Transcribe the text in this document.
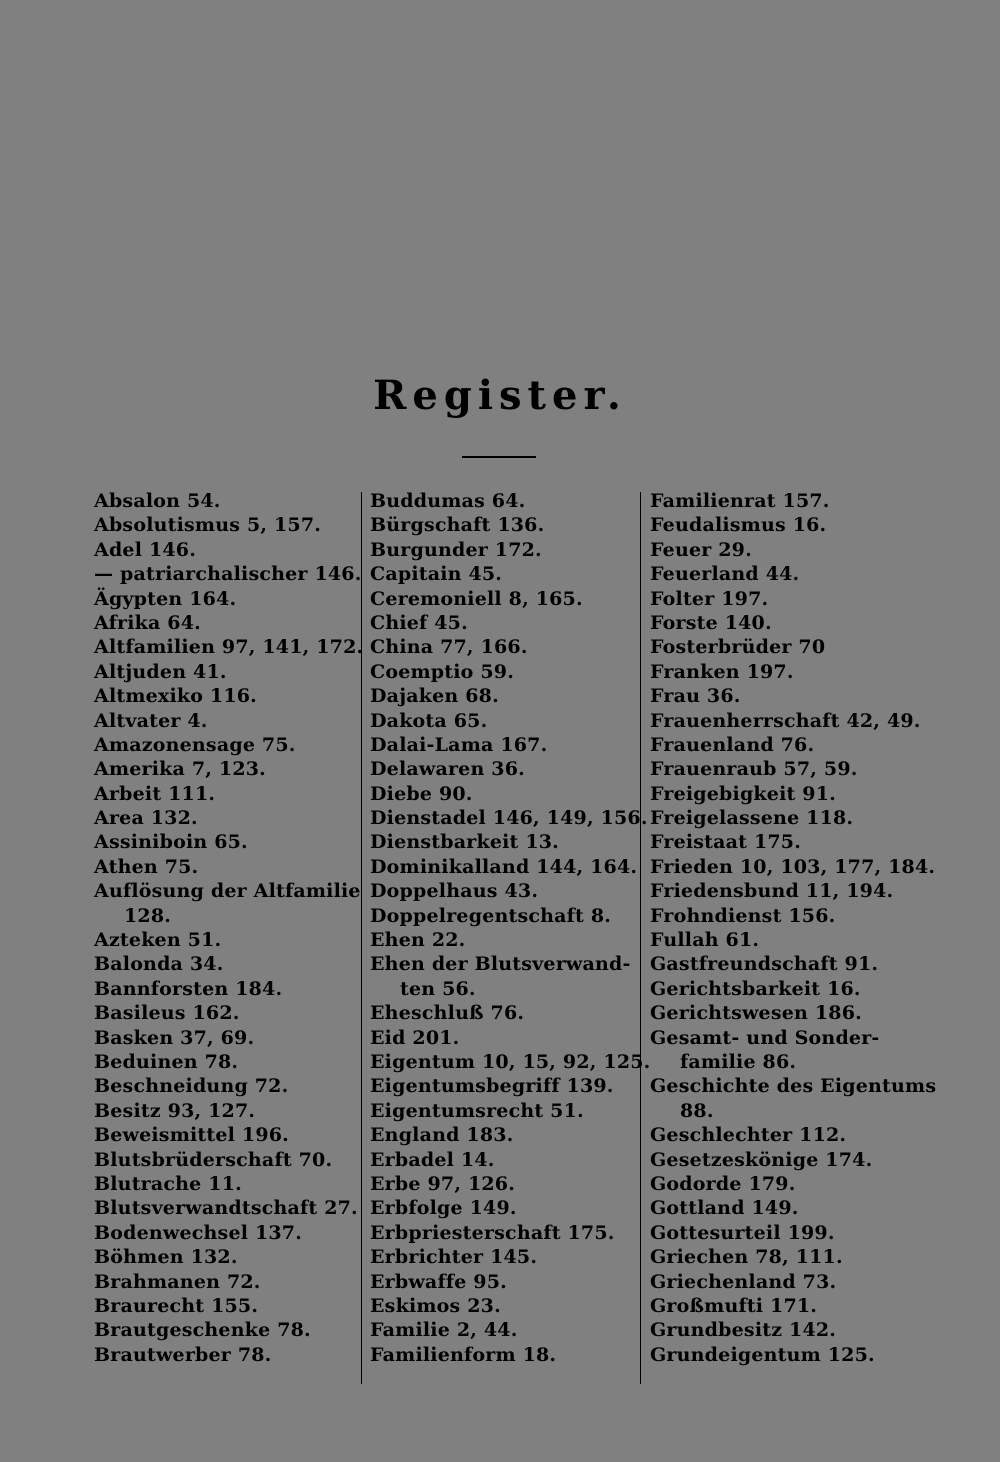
Register.
Absalon 54.
Absolutismus 5, 157.
Adel 146.
— patriarchalischer 146.
Ägypten 164.
Afrika 64.
Altfamilien 97, 141, 172.
Altjuden 41.
Altmexiko 116.
Altvater 4.
Amazonensage 75.
Amerika 7, 123.
Arbeit 111.
Area 132.
Assiniboin 65.
Athen 75.
Auflösung der Altfamilie
128.
Azteken 51.
Balonda 34.
Bannforsten 184.
Basileus 162.
Basken 37, 69.
Beduinen 78.
Beschneidung 72.
Besitz 93, 127.
Beweismittel 196.
Blutsbrüderschaft 70.
Blutrache 11.
Blutsverwandtschaft 27.
Bodenwechsel 137.
Böhmen 132.
Brahmanen 72.
Braurecht 155.
Brautgeschenke 78.
Brautwerber 78.
Buddumas 64.
Bürgschaft 136.
Burgunder 172.
Capitain 45.
Ceremoniell 8, 165.
Chief 45.
China 77, 166.
Coemptio 59.
Dajaken 68.
Dakota 65.
Dalai-Lama 167.
Delawaren 36.
Diebe 90.
Dienstadel 146, 149, 156.
Dienstbarkeit 13.
Dominikalland 144, 164.
Doppelhaus 43.
Doppelregentschaft 8.
Ehen 22.
Ehen der Blutsverwand-
ten 56.
Eheschluß 76.
Eid 201.
Eigentum 10, 15, 92, 125.
Eigentumsbegriff 139.
Eigentumsrecht 51.
England 183.
Erbadel 14.
Erbe 97, 126.
Erbfolge 149.
Erbpriesterschaft 175.
Erbrichter 145.
Erbwaffe 95.
Eskimos 23.
Familie 2, 44.
Familienform 18.
Familienrat 157.
Feudalismus 16.
Feuer 29.
Feuerland 44.
Folter 197.
Forste 140.
Fosterbrüder 70
Franken 197.
Frau 36.
Frauenherrschaft 42, 49.
Frauenland 76.
Frauenraub 57, 59.
Freigebigkeit 91.
Freigelassene 118.
Freistaat 175.
Frieden 10, 103, 177, 184.
Friedensbund 11, 194.
Frohndienst 156.
Fullah 61.
Gastfreundschaft 91.
Gerichtsbarkeit 16.
Gerichtswesen 186.
Gesamt- und Sonder-
familie 86.
Geschichte des Eigentums
88.
Geschlechter 112.
Gesetzeskönige 174.
Godorde 179.
Gottland 149.
Gottesurteil 199.
Griechen 78, 111.
Griechenland 73.
Großmufti 171.
Grundbesitz 142.
Grundeigentum 125.
